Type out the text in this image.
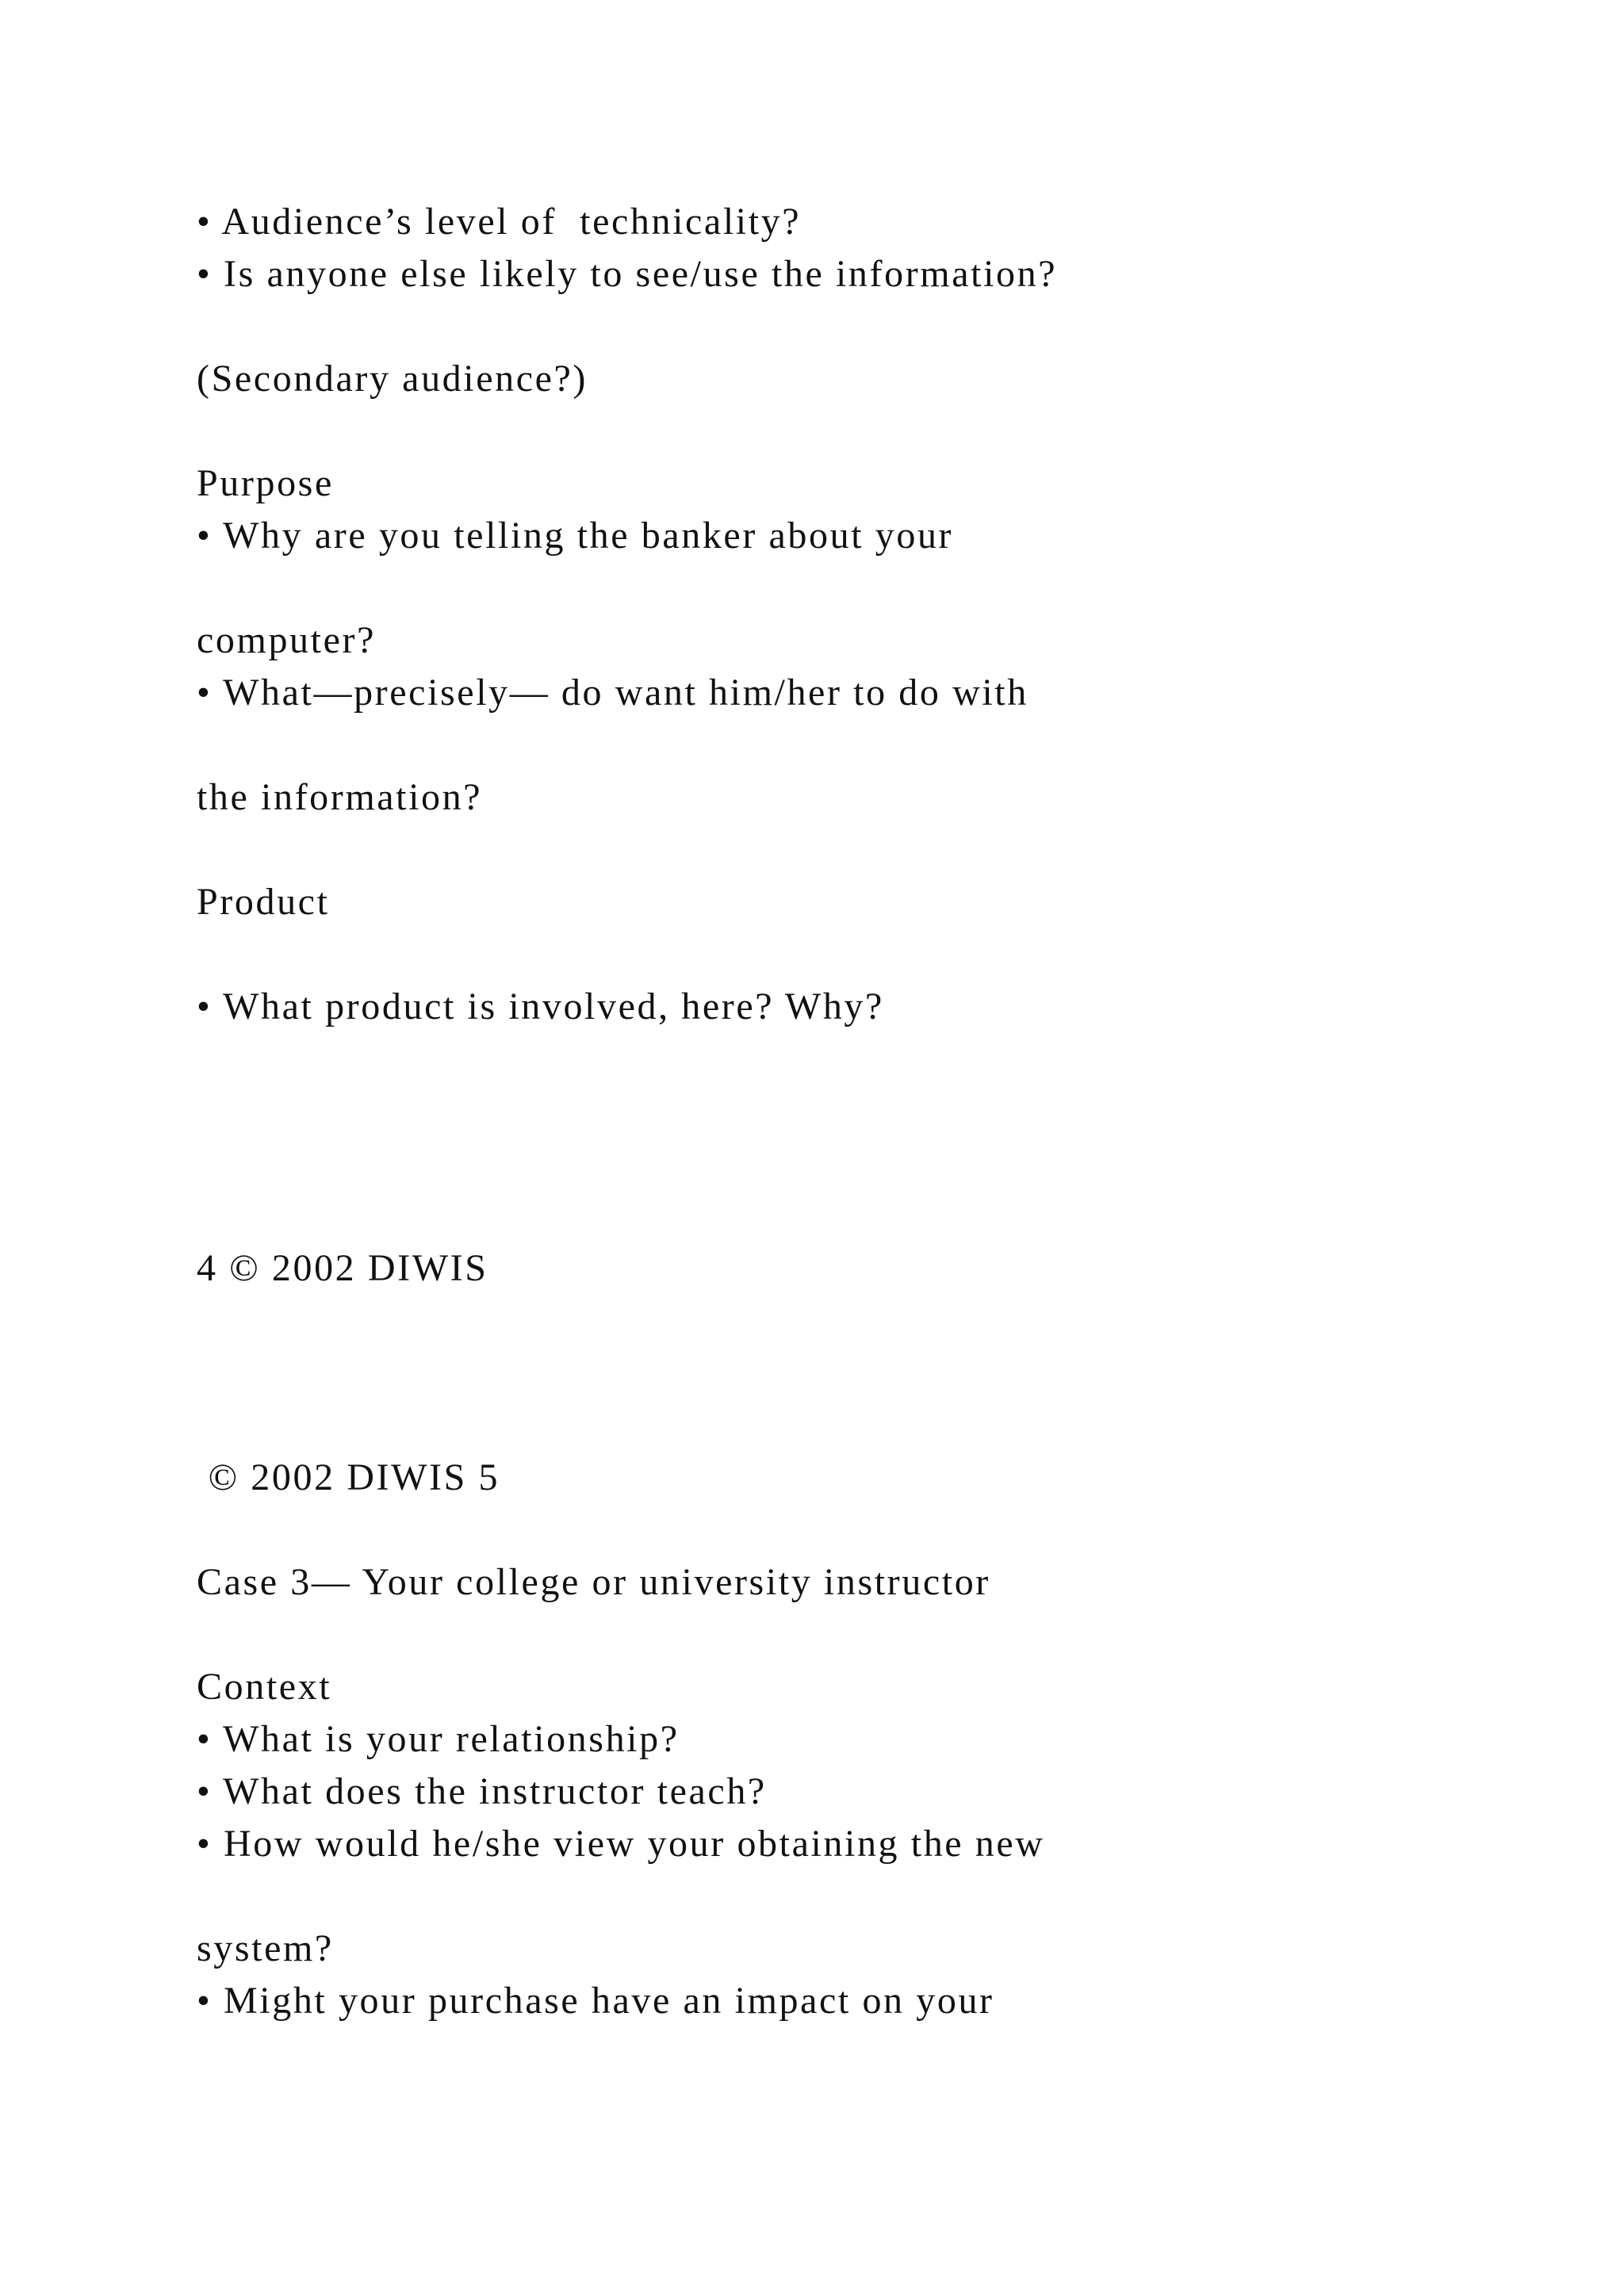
• Audience’s level of  technicality?
• Is anyone else likely to see/use the information?
(Secondary audience?)
Purpose
• Why are you telling the banker about your
computer?
• What—precisely— do want him/her to do with
the information?
Product
• What product is involved, here? Why?
4 © 2002 DIWIS
© 2002 DIWIS 5
Case 3— Your college or university instructor
Context
• What is your relationship?
• What does the instructor teach?
• How would he/she view your obtaining the new
system?
• Might your purchase have an impact on your
